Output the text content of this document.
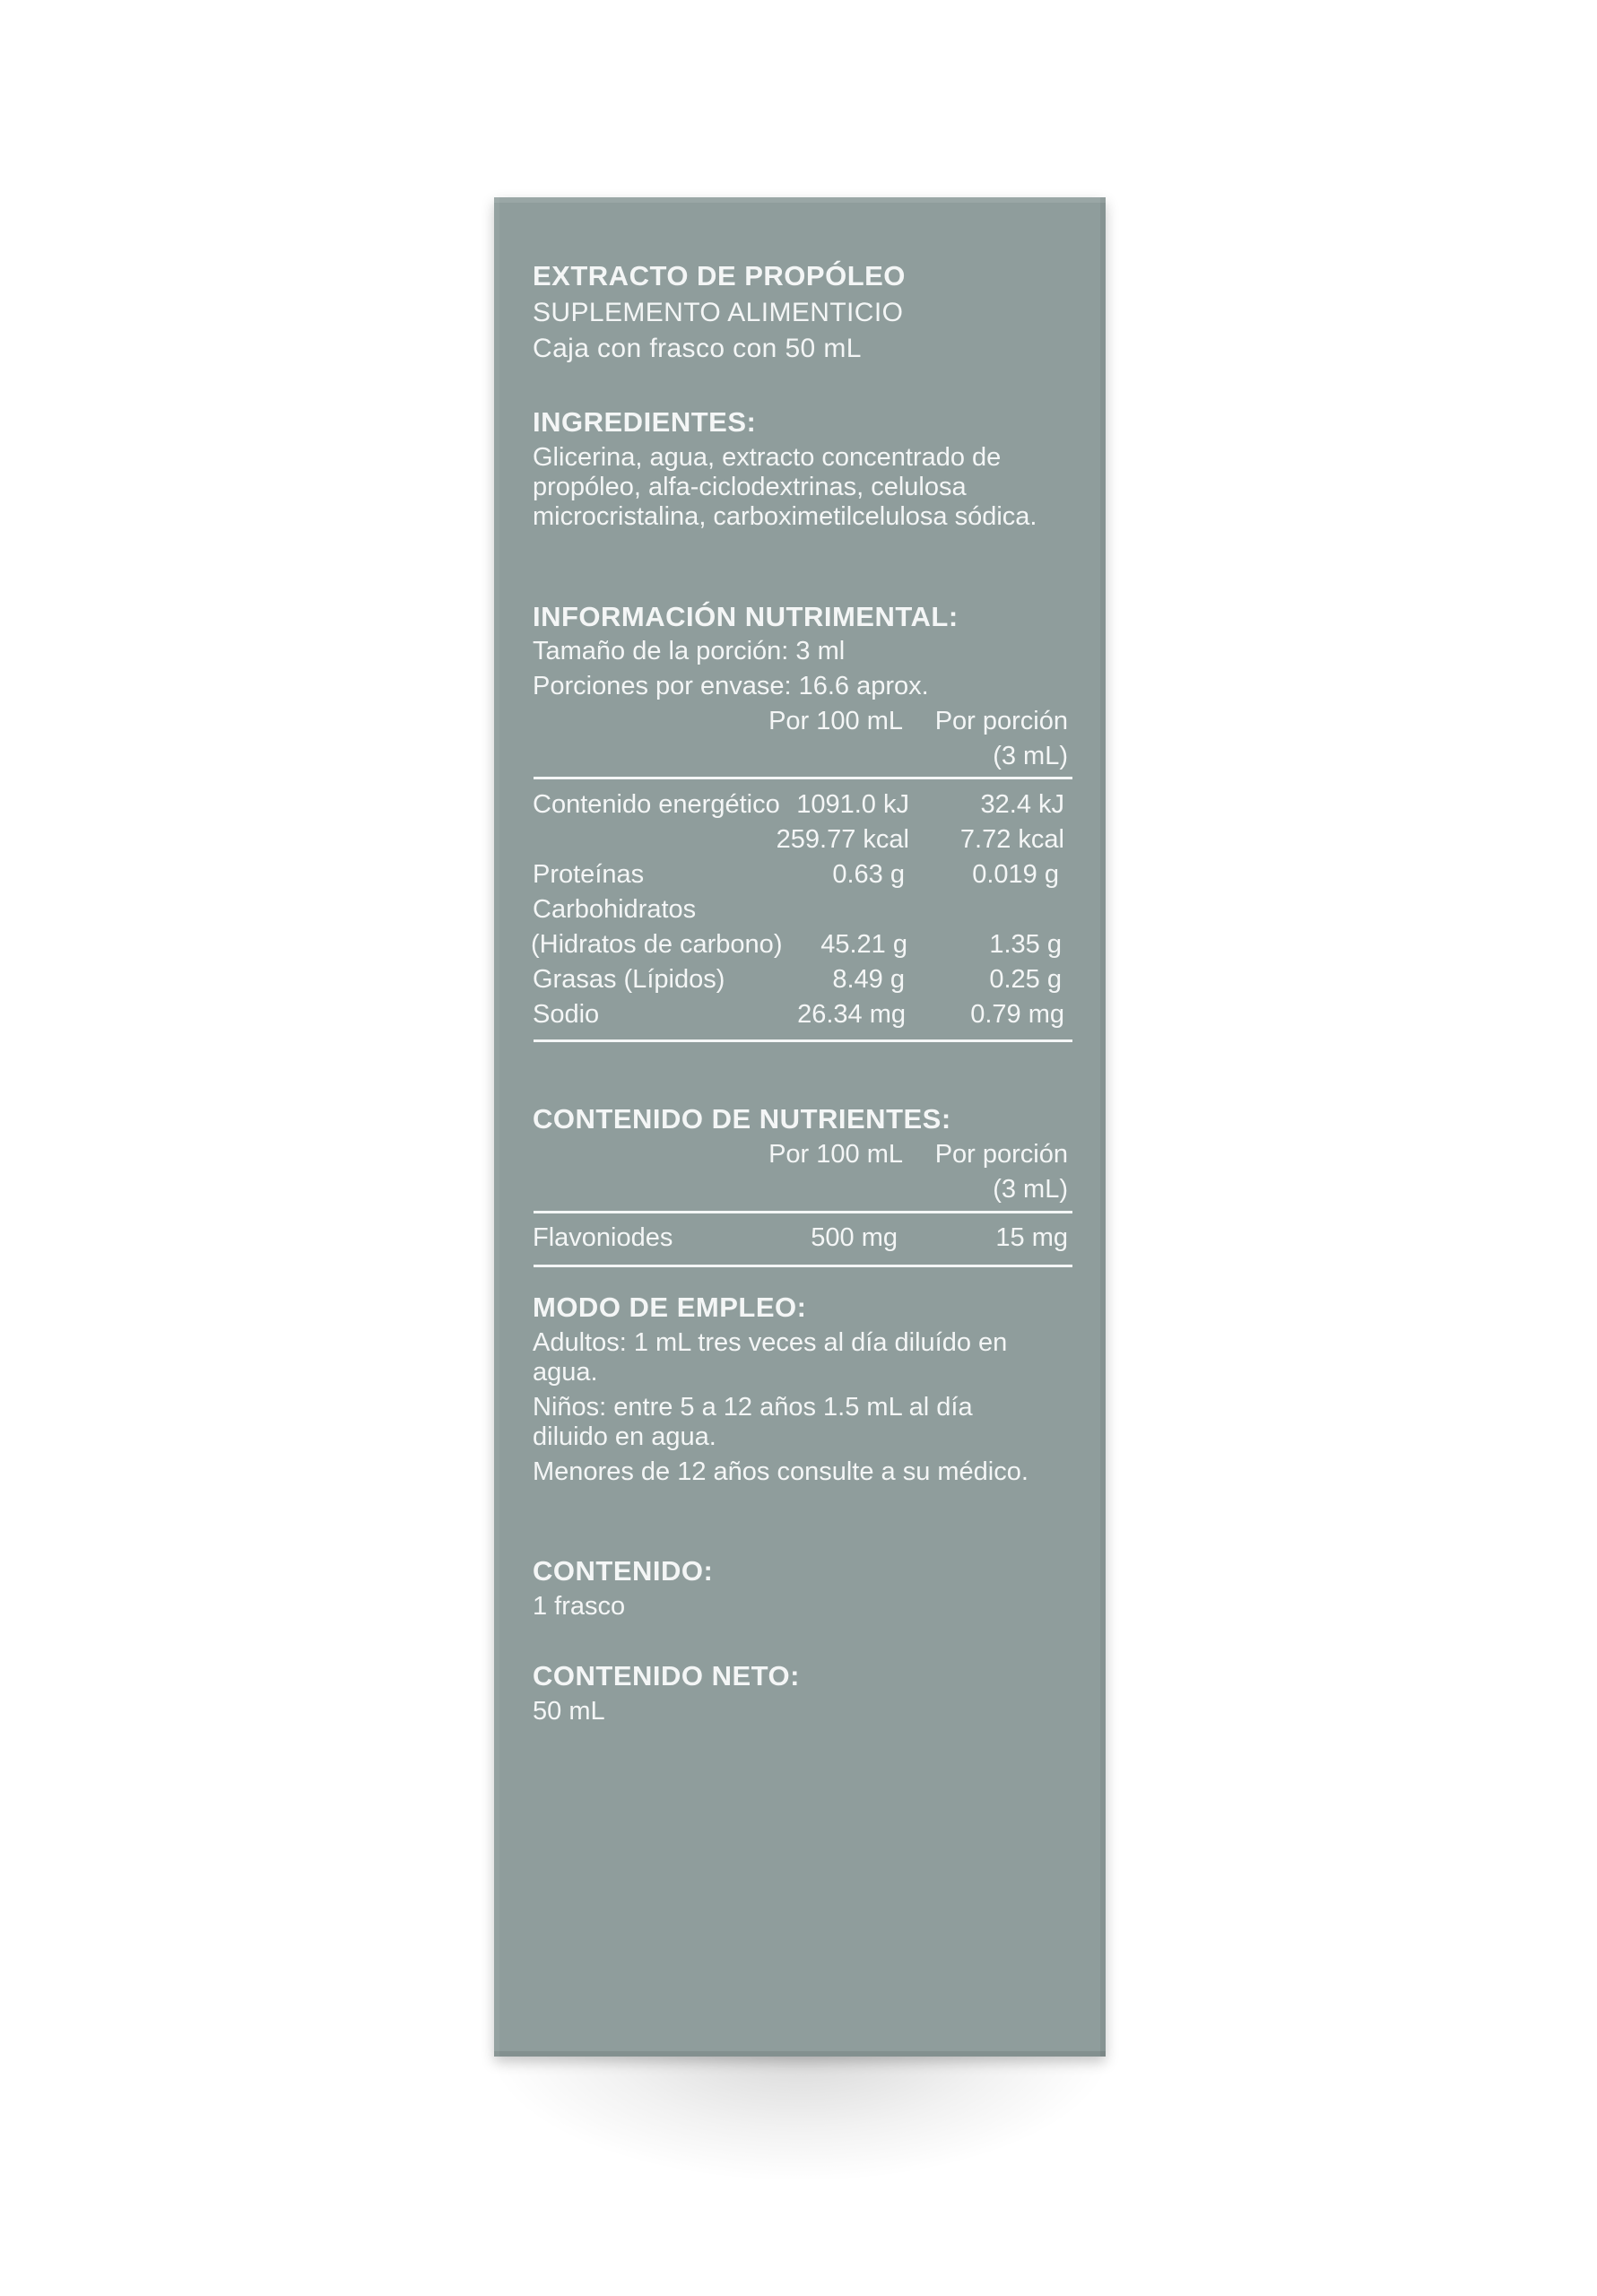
EXTRACTO DE PROPÓLEO
SUPLEMENTO ALIMENTICIO
Caja con frasco con 50 mL
INGREDIENTES:
Glicerina, agua, extracto concentrado de propóleo, alfa-ciclodextrinas, celulosa microcristalina, carboximetilcelulosa sódica.
INFORMACIÓN NUTRIMENTAL:
Tamaño de la porción: 3 ml
Porciones por envase: 16.6 aprox.
Por 100 mL	Por porción
(3 mL)
Contenido energético 1091.0 kJ	32.4 kJ
259.77 kcal	7.72 kcal
Proteínas	0.63 g	0.019 g
Carbohidratos
(Hidratos de carbono)	45.21 g	1.35 g
Grasas (Lípidos)	8.49 g	0.25 g
Sodio	26.34 mg	0.79 mg
CONTENIDO DE NUTRIENTES:
Por 100 mL	Por porción
(3 mL)
Flavoniodes	500 mg	15 mg
MODO DE EMPLEO:
Adultos: 1 mL tres veces al día diluído en agua.
Niños: entre 5 a 12 años 1.5 mL al día diluido en agua.
Menores de 12 años consulte a su médico.
CONTENIDO:
1 frasco
CONTENIDO NETO:
50 mL
